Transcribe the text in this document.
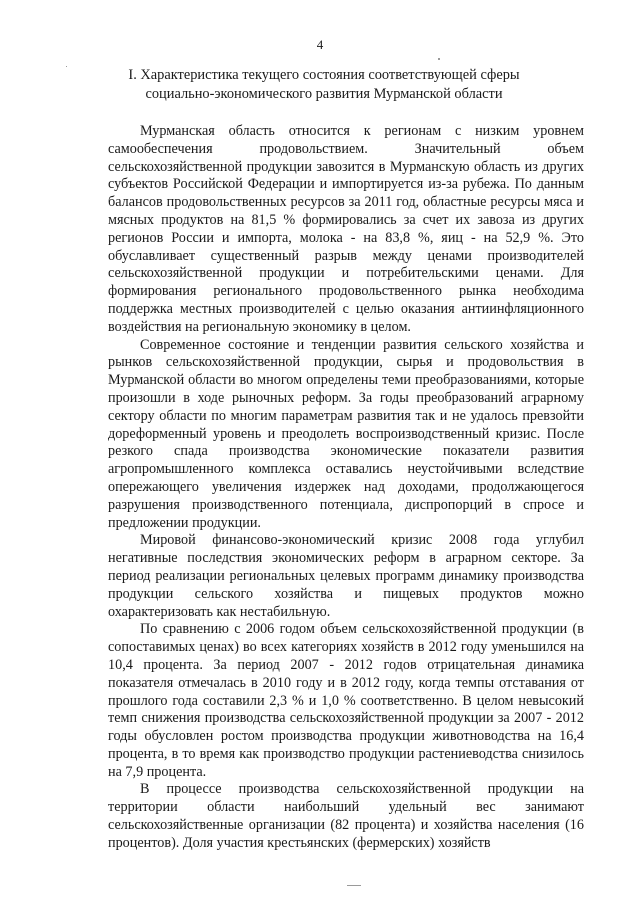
4
I. Характеристика текущего состояния соответствующей сферы социально-экономического развития Мурманской области

Мурманская область относится к регионам с низким уровнем самообеспечения продовольствием. Значительный объем сельскохозяйственной продукции завозится в Мурманскую область из других субъектов Российской Федерации и импортируется из-за рубежа. По данным балансов продовольственных ресурсов за 2011 год, областные ресурсы мяса и мясных продуктов на 81,5 % формировались за счет их завоза из других регионов России и импорта, молока - на 83,8 %, яиц - на 52,9 %. Это обуславливает существенный разрыв между ценами производителей сельскохозяйственной продукции и потребительскими ценами. Для формирования регионального продовольственного рынка необходима поддержка местных производителей с целью оказания антиинфляционного воздействия на региональную экономику в целом.

Современное состояние и тенденции развития сельского хозяйства и рынков сельскохозяйственной продукции, сырья и продовольствия в Мурманской области во многом определены теми преобразованиями, которые произошли в ходе рыночных реформ. За годы преобразований аграрному сектору области по многим параметрам развития так и не удалось превзойти дореформенный уровень и преодолеть воспроизводственный кризис. После резкого спада производства экономические показатели развития агропромышленного комплекса оставались неустойчивыми вследствие опережающего увеличения издержек над доходами, продолжающегося разрушения производственного потенциала, диспропорций в спросе и предложении продукции.

Мировой финансово-экономический кризис 2008 года углубил негативные последствия экономических реформ в аграрном секторе. За период реализации региональных целевых программ динамику производства продукции сельского хозяйства и пищевых продуктов можно охарактеризовать как нестабильную.

По сравнению с 2006 годом объем сельскохозяйственной продукции (в сопоставимых ценах) во всех категориях хозяйств в 2012 году уменьшился на 10,4 процента. За период 2007 - 2012 годов отрицательная динамика показателя отмечалась в 2010 году и в 2012 году, когда темпы отставания от прошлого года составили 2,3 % и 1,0 % соответственно. В целом невысокий темп снижения производства сельскохозяйственной продукции за 2007 - 2012 годы обусловлен ростом производства продукции животноводства на 16,4 процента, в то время как производство продукции растениеводства снизилось на 7,9 процента.

В процессе производства сельскохозяйственной продукции на территории области наибольший удельный вес занимают сельскохозяйственные организации (82 процента) и хозяйства населения (16 процентов). Доля участия крестьянских (фермерских) хозяйств
